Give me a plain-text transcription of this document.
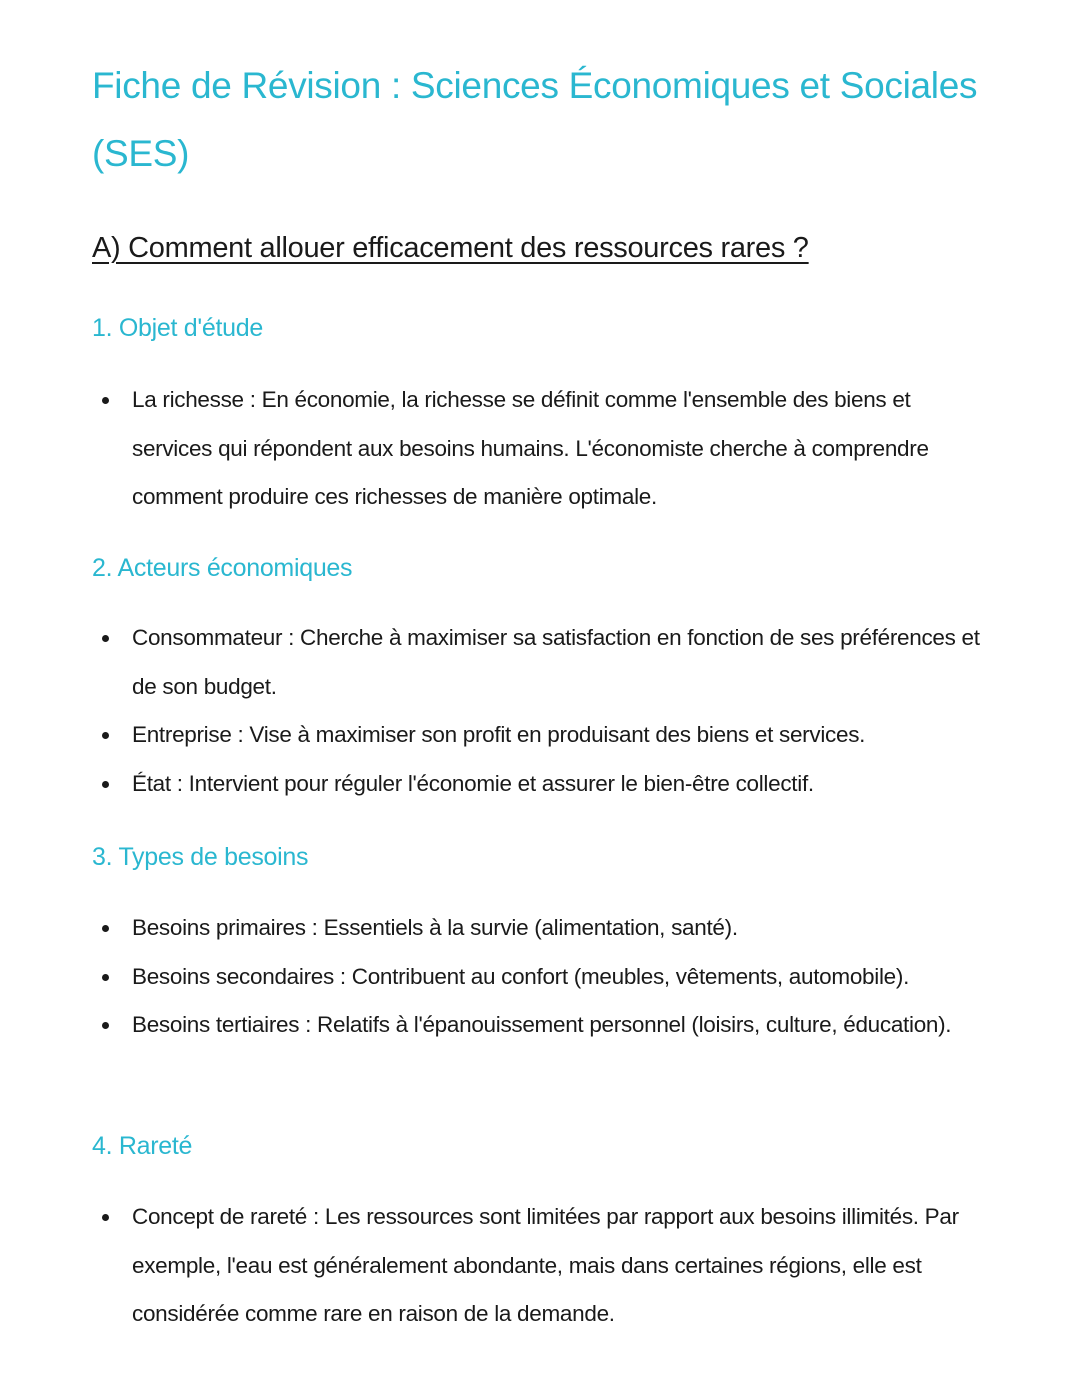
Fiche de Révision : Sciences Économiques et Sociales (SES)
A) Comment allouer efficacement des ressources rares ?
1. Objet d'étude
La richesse : En économie, la richesse se définit comme l'ensemble des biens et services qui répondent aux besoins humains. L'économiste cherche à comprendre comment produire ces richesses de manière optimale.
2. Acteurs économiques
Consommateur : Cherche à maximiser sa satisfaction en fonction de ses préférences et de son budget.
Entreprise : Vise à maximiser son profit en produisant des biens et services.
État : Intervient pour réguler l'économie et assurer le bien-être collectif.
3. Types de besoins
Besoins primaires : Essentiels à la survie (alimentation, santé).
Besoins secondaires : Contribuent au confort (meubles, vêtements, automobile).
Besoins tertiaires : Relatifs à l'épanouissement personnel (loisirs, culture, éducation).
4. Rareté
Concept de rareté : Les ressources sont limitées par rapport aux besoins illimités. Par exemple, l'eau est généralement abondante, mais dans certaines régions, elle est considérée comme rare en raison de la demande.
